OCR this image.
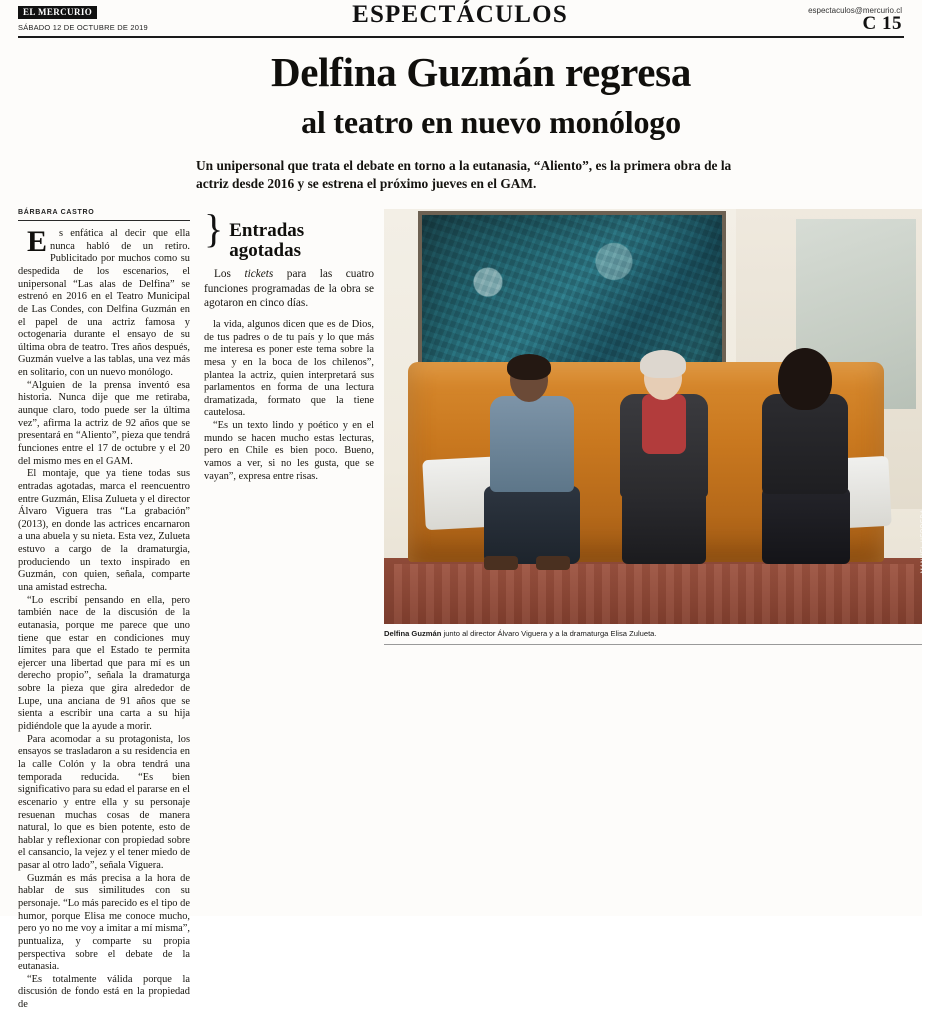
EL MERCURIO
SÁBADO 12 DE OCTUBRE DE 2019	ESPECTÁCULOS	espectaculos@mercurio.cl
C 15
Delfina Guzmán regresa
al teatro en nuevo monólogo
Un unipersonal que trata el debate en torno a la eutanasia, “Aliento”, es la primera obra de la actriz desde 2016 y se estrena el próximo jueves en el GAM.
BÁRBARA CASTRO

E s enfática al decir que ella nunca habló de un retiro. Publicitado por muchos como su despedida de los escenarios, el unipersonal “Las alas de Delfina” se estrenó en 2016 en el Teatro Municipal de Las Condes, con Delfina Guzmán en el papel de una actriz famosa y octogenaria durante el ensayo de su última obra de teatro. Tres años después, Guzmán vuelve a las tablas, una vez más en solitario, con un nuevo monólogo.

“Alguien de la prensa inventó esa historia. Nunca dije que me retiraba, aunque claro, todo puede ser la última vez”, afirma la actriz de 92 años que se presentará en “Aliento”, pieza que tendrá funciones entre el 17 de octubre y el 20 del mismo mes en el GAM.

El montaje, que ya tiene todas sus entradas agotadas, marca el reencuentro entre Guzmán, Elisa Zulueta y el director Álvaro Viguera tras “La grabación” (2013), en donde las actrices encarnaron a una abuela y su nieta. Esta vez, Zulueta estuvo a cargo de la dramaturgia, produciendo un texto inspirado en Guzmán, con quien, señala, comparte una amistad estrecha.

“Lo escribí pensando en ella, pero también nace de la discusión de la eutanasia, porque me parece que uno tiene que estar en condiciones muy límites para que el Estado te permita ejercer una libertad que para mí es un derecho propio”, señala la dramaturga sobre la pieza que gira alrededor de Lupe, una anciana de 91 años que se sienta a escribir una carta a su hija pidiéndole que la ayude a morir.

Para acomodar a su protagonista, los ensayos se trasladaron a su residencia en la calle Colón y la obra tendrá una temporada reducida. “Es bien significativo para su edad el pararse en el escenario y entre ella y su personaje resuenan muchas cosas de manera natural, lo que es bien potente, esto de hablar y reflexionar con propiedad sobre el cansancio, la vejez y el tener miedo de pasar al otro lado”, señala Viguera.

Guzmán es más precisa a la hora de hablar de sus similitudes con su personaje. “Lo más parecido es el tipo de humor, porque Elisa me conoce mucho, pero yo no me voy a imitar a mí misma”, puntualiza, y comparte su propia perspectiva sobre el debate de la eutanasia.

“Es totalmente válida porque la discusión de fondo está en la propiedad de

} Entradas agotadas

Los tickets para las cuatro funciones programadas de la obra se agotaron en cinco días.

la vida, algunos dicen que es de Dios, de tus padres o de tu país y lo que más me interesa es poner este tema sobre la mesa y en la boca de los chilenos”, plantea la actriz, quien interpretará sus parlamentos en forma de una lectura dramatizada, formato que la tiene cautelosa.

“Es un texto lindo y poético y en el mundo se hacen mucho estas lecturas, pero en Chile es bien poco. Bueno, vamos a ver, si no les gusta, que se vayan”, expresa entre risas.

MANUEL HERRERA
Delfina Guzmán junto al director Álvaro Viguera y a la dramaturga Elisa Zulueta.
